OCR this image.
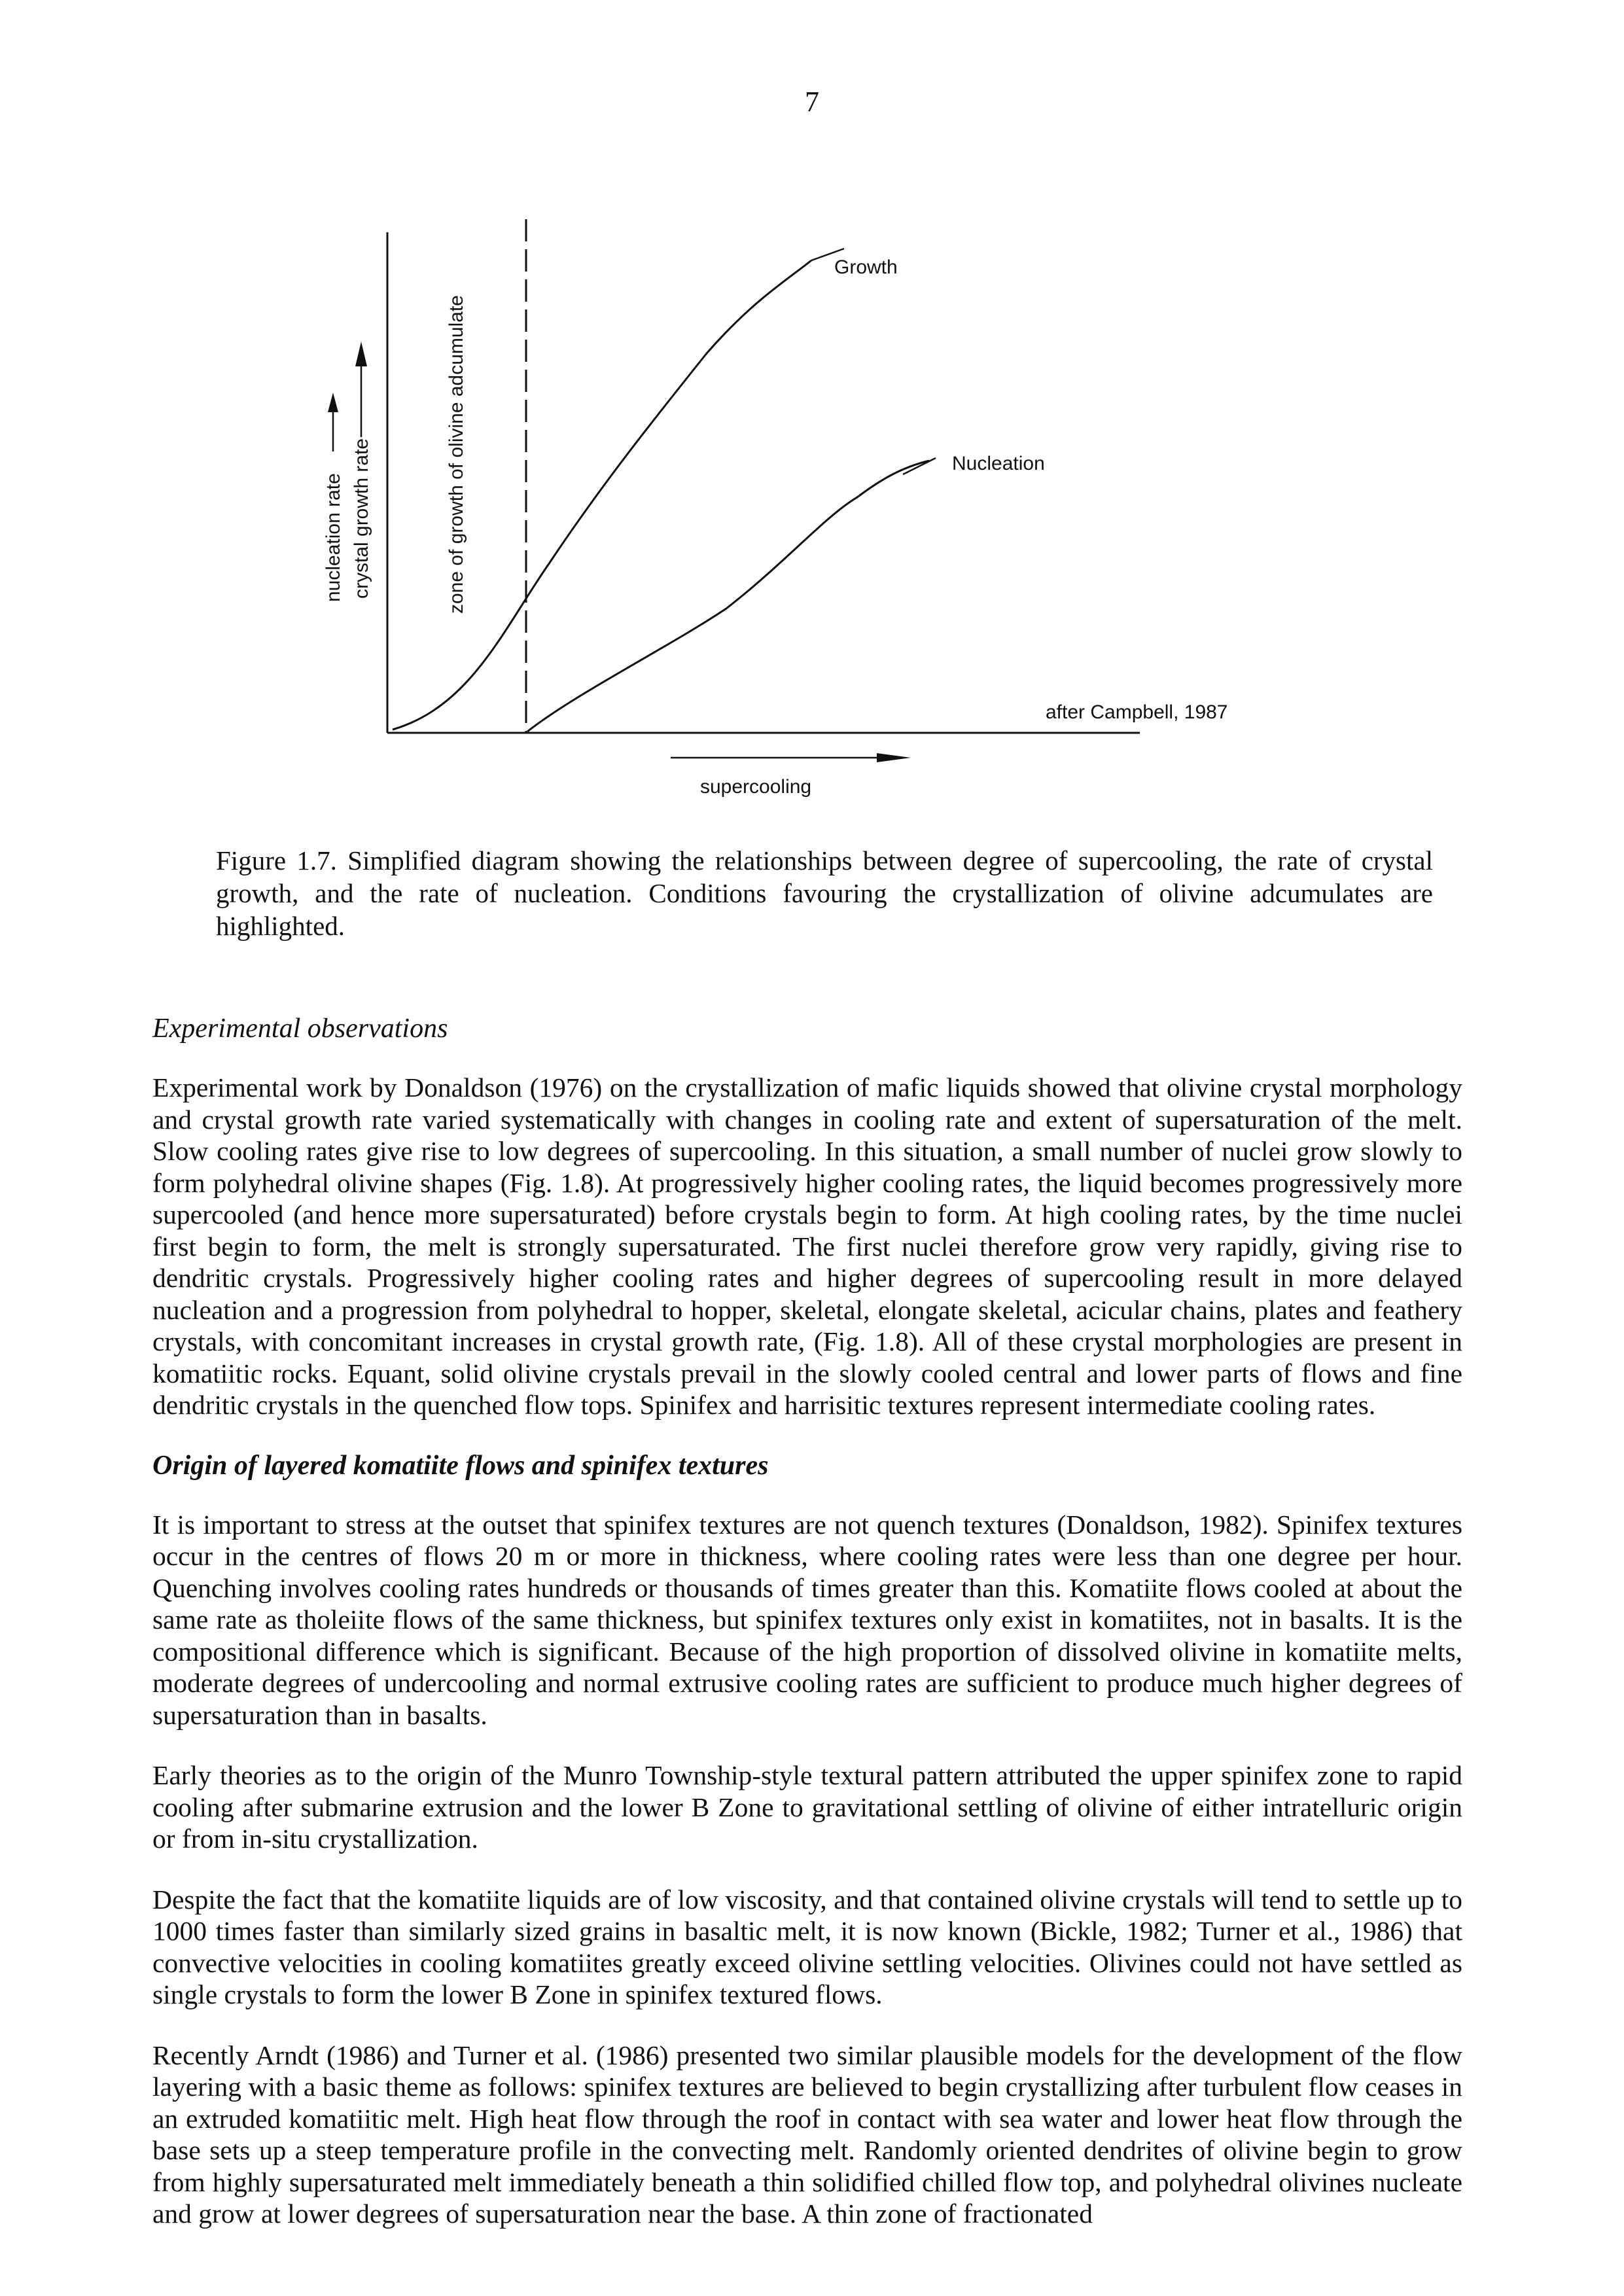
7
Growth
Nucleation
after Campbell, 1987
nucleation rate crystal growth rate	zone of growth of olivine adcumulate
supercooling
Figure 1.7. Simplified diagram showing the relationships between degree of supercooling, the rate of crystal growth, and the rate of nucleation. Conditions favouring the crystallization of olivine adcumulates are highlighted.
Experimental observations

Experimental work by Donaldson (1976) on the crystallization of mafic liquids showed that olivine crystal morphology and crystal growth rate varied systematically with changes in cooling rate and extent of supersaturation of the melt. Slow cooling rates give rise to low degrees of supercooling. In this situation, a small number of nuclei grow slowly to form polyhedral olivine shapes (Fig. 1.8). At progressively higher cooling rates, the liquid becomes progressively more supercooled (and hence more supersaturated) before crystals begin to form. At high cooling rates, by the time nuclei first begin to form, the melt is strongly supersaturated. The first nuclei therefore grow very rapidly, giving rise to dendritic crystals. Progressively higher cooling rates and higher degrees of supercooling result in more delayed nucleation and a progression from polyhedral to hopper, skeletal, elongate skeletal, acicular chains, plates and feathery crystals, with concomitant increases in crystal growth rate, (Fig. 1.8). All of these crystal morphologies are present in komatiitic rocks. Equant, solid olivine crystals prevail in the slowly cooled central and lower parts of flows and fine dendritic crystals in the quenched flow tops. Spinifex and harrisitic textures represent intermediate cooling rates.

Origin of layered komatiite flows and spinifex textures

It is important to stress at the outset that spinifex textures are not quench textures (Donaldson, 1982). Spinifex textures occur in the centres of flows 20 m or more in thickness, where cooling rates were less than one degree per hour. Quenching involves cooling rates hundreds or thousands of times greater than this. Komatiite flows cooled at about the same rate as tholeiite flows of the same thickness, but spinifex textures only exist in komatiites, not in basalts. It is the compositional difference which is significant. Because of the high proportion of dissolved olivine in komatiite melts, moderate degrees of undercooling and normal extrusive cooling rates are sufficient to produce much higher degrees of supersaturation than in basalts.

Early theories as to the origin of the Munro Township-style textural pattern attributed the upper spinifex zone to rapid cooling after submarine extrusion and the lower B Zone to gravitational settling of olivine of either intratelluric origin or from in-situ crystallization.

Despite the fact that the komatiite liquids are of low viscosity, and that contained olivine crystals will tend to settle up to 1000 times faster than similarly sized grains in basaltic melt, it is now known (Bickle, 1982; Turner et al., 1986) that convective velocities in cooling komatiites greatly exceed olivine settling velocities. Olivines could not have settled as single crystals to form the lower B Zone in spinifex textured flows.

Recently Arndt (1986) and Turner et al. (1986) presented two similar plausible models for the development of the flow layering with a basic theme as follows: spinifex textures are believed to begin crystallizing after turbulent flow ceases in an extruded komatiitic melt. High heat flow through the roof in contact with sea water and lower heat flow through the base sets up a steep temperature profile in the convecting melt. Randomly oriented dendrites of olivine begin to grow from highly supersaturated melt immediately beneath a thin solidified chilled flow top, and polyhedral olivines nucleate and grow at lower degrees of supersaturation near the base. A thin zone of fractionated
